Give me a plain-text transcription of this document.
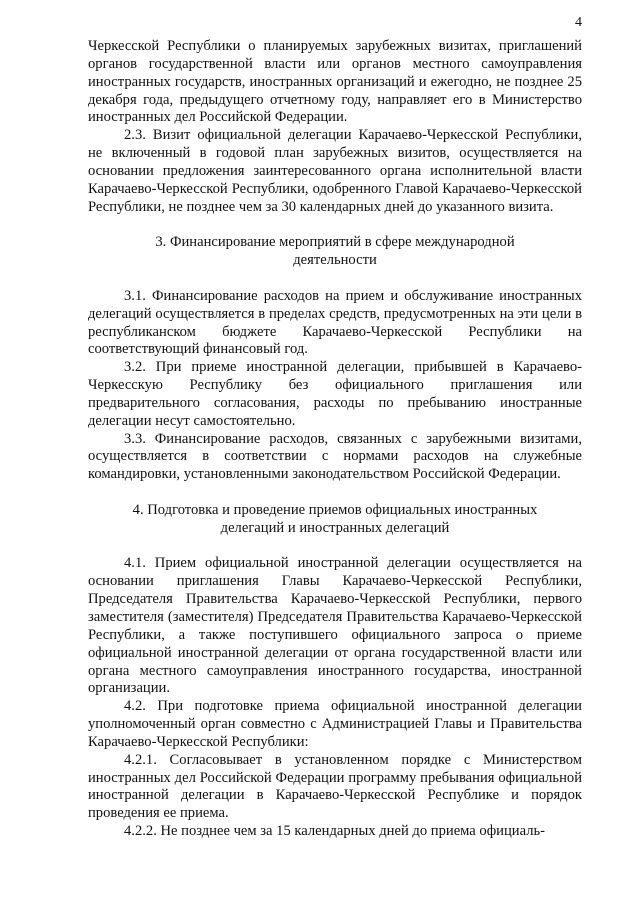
4

Черкесской Республики о планируемых зарубежных визитах, приглашений органов государственной власти или органов местного самоуправления иностранных государств, иностранных организаций и ежегодно, не позднее 25 декабря года, предыдущего отчетному году, направляет его в Министерство иностранных дел Российской Федерации.

2.3. Визит официальной делегации Карачаево-Черкесской Республики, не включенный в годовой план зарубежных визитов, осуществляется на основании предложения заинтересованного органа исполнительной власти Карачаево-Черкесской Республики, одобренного Главой Карачаево-Черкесской Республики, не позднее чем за 30 календарных дней до указанного визита.

3. Финансирование мероприятий в сфере международной деятельности

3.1. Финансирование расходов на прием и обслуживание иностранных делегаций осуществляется в пределах средств, предусмотренных на эти цели в республиканском бюджете Карачаево-Черкесской Республики на соответствующий финансовый год.

3.2. При приеме иностранной делегации, прибывшей в Карачаево-Черкесскую Республику без официального приглашения или предварительного согласования, расходы по пребыванию иностранные делегации несут самостоятельно.

3.3. Финансирование расходов, связанных с зарубежными визитами, осуществляется в соответствии с нормами расходов на служебные командировки, установленными законодательством Российской Федерации.

4. Подготовка и проведение приемов официальных иностранных делегаций и иностранных делегаций

4.1. Прием официальной иностранной делегации осуществляется на основании приглашения Главы Карачаево-Черкесской Республики, Председателя Правительства Карачаево-Черкесской Республики, первого заместителя (заместителя) Председателя Правительства Карачаево-Черкесской Республики, а также поступившего официального запроса о приеме официальной иностранной делегации от органа государственной власти или органа местного самоуправления иностранного государства, иностранной организации.

4.2. При подготовке приема официальной иностранной делегации уполномоченный орган совместно с Администрацией Главы и Правительства Карачаево-Черкесской Республики:

4.2.1. Согласовывает в установленном порядке с Министерством иностранных дел Российской Федерации программу пребывания официальной иностранной делегации в Карачаево-Черкесской Республике и порядок проведения ее приема.

4.2.2. Не позднее чем за 15 календарных дней до приема официаль-
